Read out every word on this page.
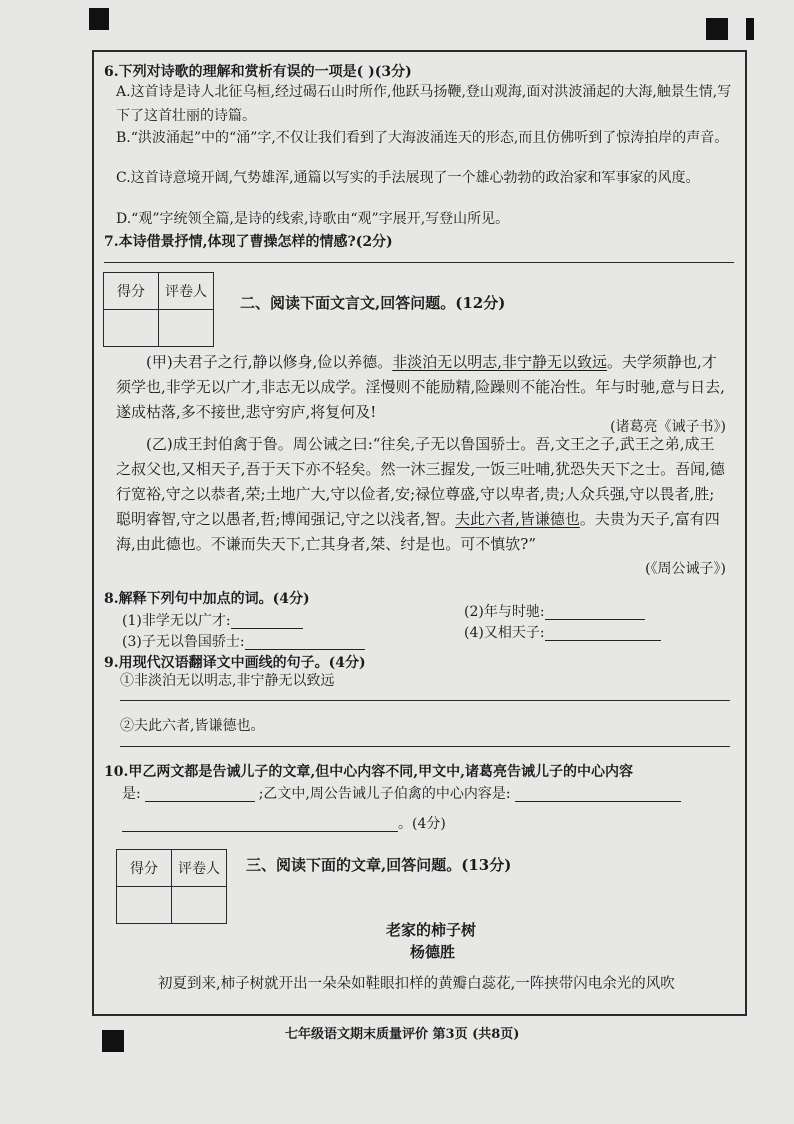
6.下列对诗歌的理解和赏析有误的一项是( )(3分)
A.这首诗是诗人北征乌桓,经过碣石山时所作,他跃马扬鞭,登山观海,面对洪波涌起的大海,触景生情,写下了这首壮丽的诗篇。
B.“洪波涌起”中的“涌”字,不仅让我们看到了大海波涌连天的形态,而且仿佛听到了惊涛拍岸的声音。
C.这首诗意境开阔,气势雄浑,通篇以写实的手法展现了一个雄心勃勃的政治家和军事家的风度。
D.“观”字统领全篇,是诗的线索,诗歌由“观”字展开,写登山所见。
7.本诗借景抒情,体现了曹操怎样的情感?(2分)
得分	评卷人

二、阅读下面文言文,回答问题。(12分)
(甲)夫君子之行,静以修身,俭以养德。非淡泊无以明志,非宁静无以致远。夫学须静也,才须学也,非学无以广才,非志无以成学。淫慢则不能励精,险躁则不能冶性。年与时驰,意与日去,遂成枯落,多不接世,悲守穷庐,将复何及!
(诸葛亮《诫子书》)
(乙)成王封伯禽于鲁。周公诫之曰:“往矣,子无以鲁国骄士。吾,文王之子,武王之弟,成王之叔父也,又相天子,吾于天下亦不轻矣。然一沐三握发,一饭三吐哺,犹恐失天下之士。吾闻,德行宽裕,守之以恭者,荣;土地广大,守以俭者,安;禄位尊盛,守以卑者,贵;人众兵强,守以畏者,胜;聪明睿智,守之以愚者,哲;博闻强记,守之以浅者,智。夫此六者,皆谦德也。夫贵为天子,富有四海,由此德也。不谦而失天下,亡其身者,桀、纣是也。可不慎欤?”
(《周公诫子》)
8.解释下列句中加点的词。(4分)
(1)非学无以广才:
(2)年与时驰:
(3)子无以鲁国骄士:
(4)又相天子:
9.用现代汉语翻译文中画线的句子。(4分)
①非淡泊无以明志,非宁静无以致远
②夫此六者,皆谦德也。
10.甲乙两文都是告诫儿子的文章,但中心内容不同,甲文中,诸葛亮告诫儿子的中心内容
是:	;乙文中,周公告诫儿子伯禽的中心内容是:
。(4分)
得分	评卷人
	三、阅读下面的文章,回答问题。(13分)
老家的柿子树
杨德胜
初夏到来,柿子树就开出一朵朵如鞋眼扣样的黄瓣白蕊花,一阵挟带闪电余光的风吹
七年级语文期末质量评价 第3页 (共8页)
